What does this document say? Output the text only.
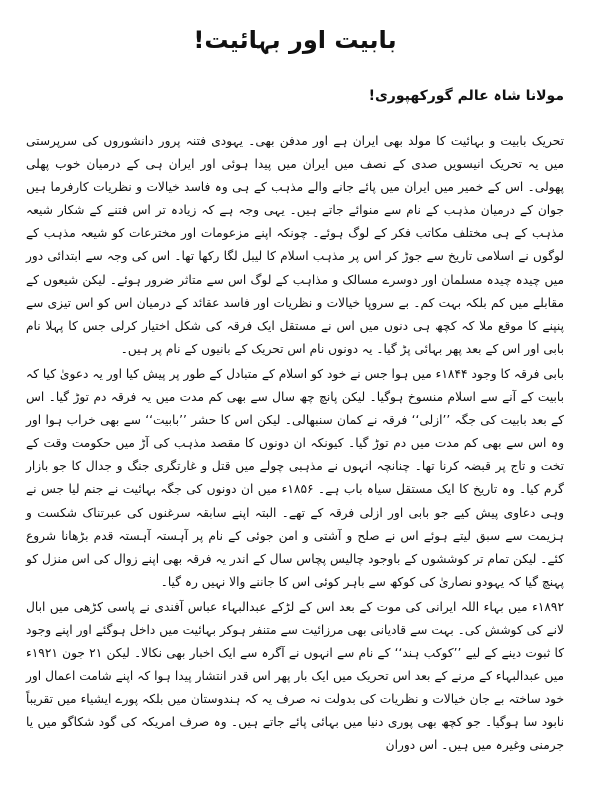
بابیت اور بہائیت!
مولانا شاہ عالم گورکھپوری!

تحریک بابیت و بہائیت کا مولد بھی ایران ہے اور مدفن بھی۔ یہودی فتنہ پرور دانشوروں کی سرپرستی میں یہ تحریک انیسویں صدی کے نصف میں ایران میں پیدا ہوئی اور ایران ہی کے درمیان خوب پھلی پھولی۔ اس کے خمیر میں ایران میں پائے جانے والے مذہب کے ہی وہ فاسد خیالات و نظریات کارفرما ہیں جوان کے درمیان مذہب کے نام سے منوائے جاتے ہیں۔ یہی وجہ ہے کہ زیادہ تر اس فتنے کے شکار شیعہ مذہب کے ہی مختلف مکاتب فکر کے لوگ ہوئے۔ چونکہ اپنے مزعومات اور مخترعات کو شیعہ مذہب کے لوگوں نے اسلامی تاریخ سے جوڑ کر اس پر مذہب اسلام کا لیبل لگا رکھا تھا۔ اس کی وجہ سے ابتدائی دور میں چیدہ چیدہ مسلمان اور دوسرے مسالک و مذاہب کے لوگ اس سے متاثر ضرور ہوئے۔ لیکن شیعوں کے مقابلے میں کم بلکہ بہت کم۔ بے سروپا خیالات و نظریات اور فاسد عقائد کے درمیان اس کو اس تیزی سے پنپنے کا موقع ملا کہ کچھ ہی دنوں میں اس نے مستقل ایک فرقہ کی شکل اختیار کرلی جس کا پہلا نام بابی اور اس کے بعد پھر بہائی پڑ گیا۔ یہ دونوں نام اس تحریک کے بانیوں کے نام پر ہیں۔

بابی فرقہ کا وجود ۱۸۴۴ء میں ہوا جس نے خود کو اسلام کے متبادل کے طور پر پیش کیا اور یہ دعویٰ کیا کہ بابیت کے آنے سے اسلام منسوخ ہوگیا۔ لیکن پانچ چھ سال سے بھی کم مدت میں یہ فرقہ دم توڑ گیا۔ اس کے بعد بابیت کی جگہ ’’ازلی‘‘ فرقہ نے کمان سنبھالی۔ لیکن اس کا حشر ’’بابیت‘‘ سے بھی خراب ہوا اور وہ اس سے بھی کم مدت میں دم توڑ گیا۔ کیونکہ ان دونوں کا مقصد مذہب کی آڑ میں حکومت وقت کے تخت و تاج پر قبضہ کرنا تھا۔ چنانچہ انہوں نے مذہبی چولے میں قتل و غارتگری جنگ و جدال کا جو بازار گرم کیا۔ وہ تاریخ کا ایک مستقل سیاہ باب ہے۔ ۱۸۵۶ء میں ان دونوں کی جگہ بہائیت نے جنم لیا جس نے وہی دعاوی پیش کیے جو بابی اور ازلی فرقہ کے تھے۔ البتہ اپنے سابقہ سرغنوں کی عبرتناک شکست و ہزیمت سے سبق لیتے ہوئے اس نے صلح و آشتی و امن جوئی کے نام پر آہستہ آہستہ قدم بڑھانا شروع کئے۔ لیکن تمام تر کوششوں کے باوجود چالیس پچاس سال کے اندر یہ فرقہ بھی اپنے زوال کی اس منزل کو پہنچ گیا کہ یہودو نصاریٰ کی کوکھ سے باہر کوئی اس کا جاننے والا نہیں رہ گیا۔

۱۸۹۲ء میں بہاء اللہ ایرانی کی موت کے بعد اس کے لڑکے عبدالبہاء عباس آفندی نے پاسی کڑھی میں ابال لانے کی کوشش کی۔ بہت سے قادیانی بھی مرزائیت سے متنفر ہوکر بہائیت میں داخل ہوگئے اور اپنے وجود کا ثبوت دینے کے لیے ’’کوکب ہند‘‘ کے نام سے انہوں نے آگرہ سے ایک اخبار بھی نکالا۔ لیکن ۲۱ جون ۱۹۲۱ء میں عبدالبہاء کے مرنے کے بعد اس تحریک میں ایک بار پھر اس قدر انتشار پیدا ہوا کہ اپنے شامت اعمال اور خود ساختہ بے جان خیالات و نظریات کی بدولت نہ صرف یہ کہ ہندوستان میں بلکہ پورے ایشیاء میں تقریباً نابود سا ہوگیا۔ جو کچھ بھی پوری دنیا میں بہائی پائے جاتے ہیں۔ وہ صرف امریکہ کی گود شکاگو میں یا جرمنی وغیرہ میں ہیں۔ اس دوران
